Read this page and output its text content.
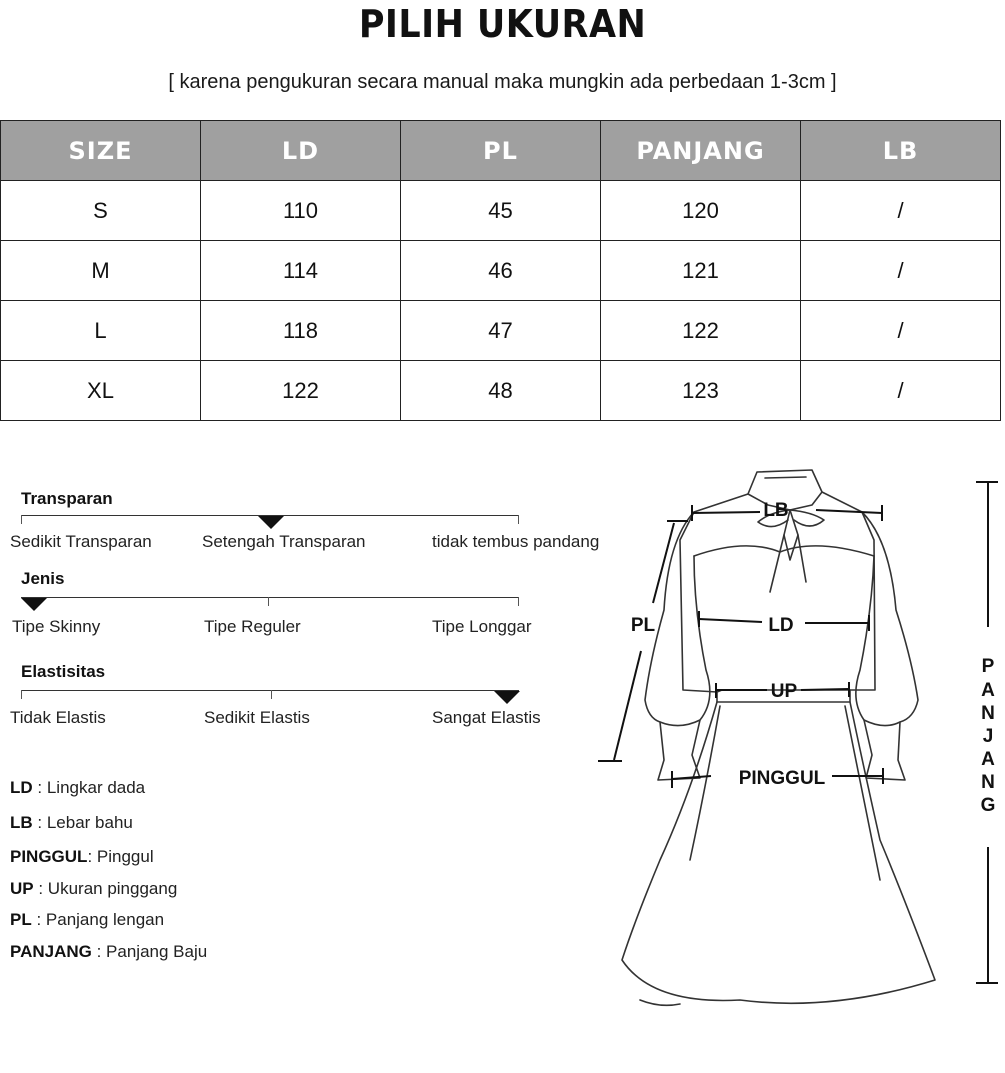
PILIH UKURAN
[ karena pengukuran secara manual maka mungkin ada perbedaan 1-3cm ]
SIZE	LD	PL	PANJANG	LB
S	110	45	120	/
M	114	46	121	/
L	118	47	122	/
XL	122	48	123	/
Transparan
Sedikit Transparan	Setengah Transparan	tidak tembus pandang
Jenis
Tipe Skinny	Tipe Reguler	Tipe Longgar
Elastisitas
Tidak Elastis	Sedikit Elastis	Sangat Elastis
LD : Lingkar dada
LB : Lebar bahu
PINGGUL: Pinggul
UP : Ukuran pinggang
PL : Panjang lengan
PANJANG : Panjang Baju
LB
PL	LD
UP
PINGGUL
P
A
N
J
A
N
G
